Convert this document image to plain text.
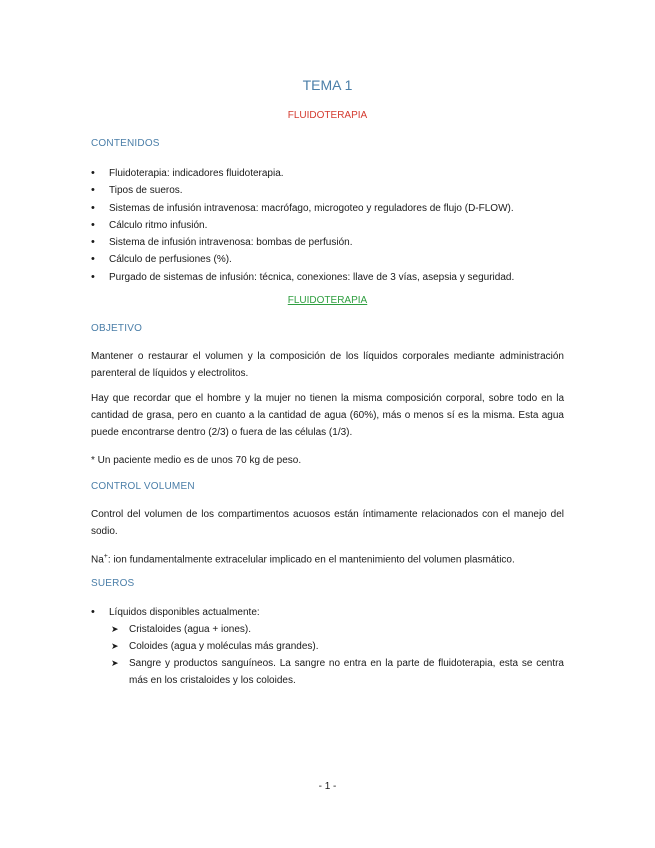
TEMA 1
FLUIDOTERAPIA
CONTENIDOS
• Fluidoterapia: indicadores fluidoterapia.
• Tipos de sueros.
• Sistemas de infusión intravenosa: macrófago, microgoteo y reguladores de flujo (D-FLOW).
• Cálculo ritmo infusión.
• Sistema de infusión intravenosa: bombas de perfusión.
• Cálculo de perfusiones (%).
• Purgado de sistemas de infusión: técnica, conexiones: llave de 3 vías, asepsia y seguridad.
FLUIDOTERAPIA
OBJETIVO
Mantener o restaurar el volumen y la composición de los líquidos corporales mediante administración parenteral de líquidos y electrolitos.
Hay que recordar que el hombre y la mujer no tienen la misma composición corporal, sobre todo en la cantidad de grasa, pero en cuanto a la cantidad de agua (60%), más o menos sí es la misma. Esta agua puede encontrarse dentro (2/3) o fuera de las células (1/3).
* Un paciente medio es de unos 70 kg de peso.
CONTROL VOLUMEN
Control del volumen de los compartimentos acuosos están íntimamente relacionados con el manejo del sodio.
Na+: ion fundamentalmente extracelular implicado en el mantenimiento del volumen plasmático.
SUEROS
• Líquidos disponibles actualmente:
➤ Cristaloides (agua + iones).
➤ Coloides (agua y moléculas más grandes).
➤ Sangre y productos sanguíneos. La sangre no entra en la parte de fluidoterapia, esta se centra más en los cristaloides y los coloides.
- 1 -
